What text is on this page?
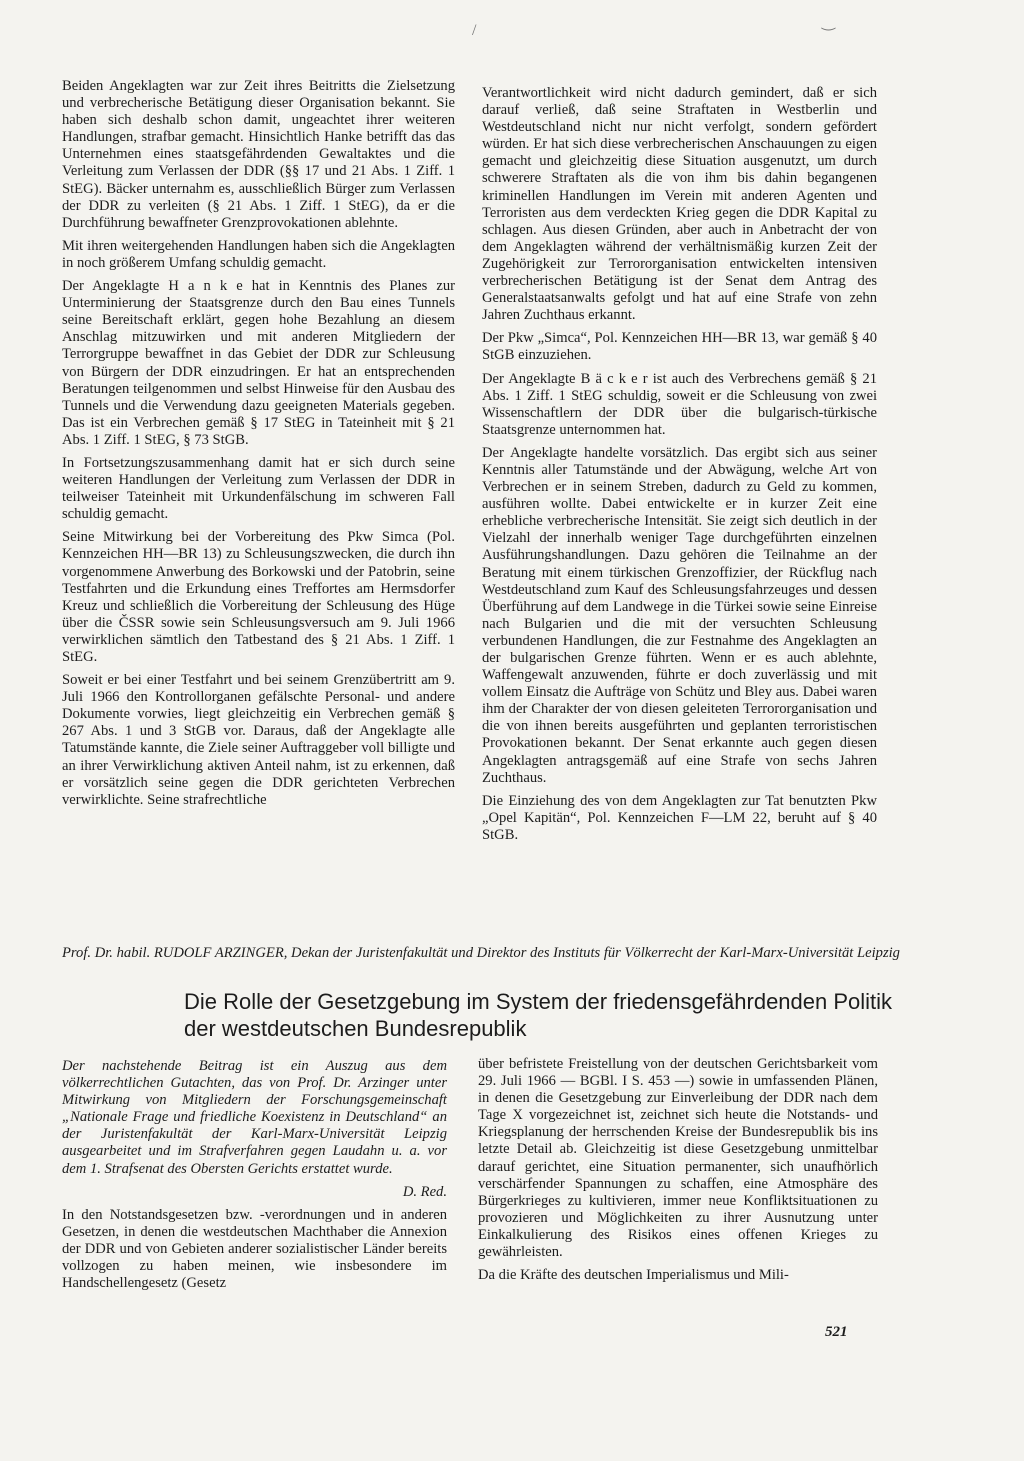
/	‿

Beiden Angeklagten war zur Zeit ihres Beitritts die Zielsetzung und verbrecherische Betätigung dieser Organisation bekannt. Sie haben sich deshalb schon damit, ungeachtet ihrer weiteren Handlungen, strafbar gemacht. Hinsichtlich Hanke betrifft das das Unternehmen eines staatsgefährdenden Gewaltaktes und die Verleitung zum Verlassen der DDR (§§ 17 und 21 Abs. 1 Ziff. 1 StEG). Bäcker unternahm es, ausschließlich Bürger zum Verlassen der DDR zu verleiten (§ 21 Abs. 1 Ziff. 1 StEG), da er die Durchführung bewaffneter Grenzprovokationen ablehnte.

Mit ihren weitergehenden Handlungen haben sich die Angeklagten in noch größerem Umfang schuldig gemacht.

Der Angeklagte H a n k e hat in Kenntnis des Planes zur Unterminierung der Staatsgrenze durch den Bau eines Tunnels seine Bereitschaft erklärt, gegen hohe Bezahlung an diesem Anschlag mitzuwirken und mit anderen Mitgliedern der Terrorgruppe bewaffnet in das Gebiet der DDR zur Schleusung von Bürgern der DDR einzudringen. Er hat an entsprechenden Beratungen teilgenommen und selbst Hinweise für den Ausbau des Tunnels und die Verwendung dazu geeigneten Materials gegeben. Das ist ein Verbrechen gemäß § 17 StEG in Tateinheit mit § 21 Abs. 1 Ziff. 1 StEG, § 73 StGB.

In Fortsetzungszusammenhang damit hat er sich durch seine weiteren Handlungen der Verleitung zum Verlassen der DDR in teilweiser Tateinheit mit Urkundenfälschung im schweren Fall schuldig gemacht.

Seine Mitwirkung bei der Vorbereitung des Pkw Simca (Pol. Kennzeichen HH—BR 13) zu Schleusungszwecken, die durch ihn vorgenommene Anwerbung des Borkowski und der Patobrin, seine Testfahrten und die Erkundung eines Treffortes am Hermsdorfer Kreuz und schließlich die Vorbereitung der Schleusung des Hüge über die ČSSR sowie sein Schleusungsversuch am 9. Juli 1966 verwirklichen sämtlich den Tatbestand des § 21 Abs. 1 Ziff. 1 StEG.

Soweit er bei einer Testfahrt und bei seinem Grenzübertritt am 9. Juli 1966 den Kontrollorganen gefälschte Personal- und andere Dokumente vorwies, liegt gleichzeitig ein Verbrechen gemäß § 267 Abs. 1 und 3 StGB vor. Daraus, daß der Angeklagte alle Tatumstände kannte, die Ziele seiner Auftraggeber voll billigte und an ihrer Verwirklichung aktiven Anteil nahm, ist zu erkennen, daß er vorsätzlich seine gegen die DDR gerichteten Verbrechen verwirklichte. Seine strafrechtliche

Verantwortlichkeit wird nicht dadurch gemindert, daß er sich darauf verließ, daß seine Straftaten in Westberlin und Westdeutschland nicht nur nicht verfolgt, sondern gefördert würden. Er hat sich diese verbrecherischen Anschauungen zu eigen gemacht und gleichzeitig diese Situation ausgenutzt, um durch schwerere Straftaten als die von ihm bis dahin begangenen kriminellen Handlungen im Verein mit anderen Agenten und Terroristen aus dem verdeckten Krieg gegen die DDR Kapital zu schlagen. Aus diesen Gründen, aber auch in Anbetracht der von dem Angeklagten während der verhältnismäßig kurzen Zeit der Zugehörigkeit zur Terrororganisation entwickelten intensiven verbrecherischen Betätigung ist der Senat dem Antrag des Generalstaatsanwalts gefolgt und hat auf eine Strafe von zehn Jahren Zuchthaus erkannt.

Der Pkw „Simca“, Pol. Kennzeichen HH—BR 13, war gemäß § 40 StGB einzuziehen.

Der Angeklagte B ä c k e r ist auch des Verbrechens gemäß § 21 Abs. 1 Ziff. 1 StEG schuldig, soweit er die Schleusung von zwei Wissenschaftlern der DDR über die bulgarisch-türkische Staatsgrenze unternommen hat.

Der Angeklagte handelte vorsätzlich. Das ergibt sich aus seiner Kenntnis aller Tatumstände und der Abwägung, welche Art von Verbrechen er in seinem Streben, dadurch zu Geld zu kommen, ausführen wollte. Dabei entwickelte er in kurzer Zeit eine erhebliche verbrecherische Intensität. Sie zeigt sich deutlich in der Vielzahl der innerhalb weniger Tage durchgeführten einzelnen Ausführungshandlungen. Dazu gehören die Teilnahme an der Beratung mit einem türkischen Grenzoffizier, der Rückflug nach Westdeutschland zum Kauf des Schleusungsfahrzeuges und dessen Überführung auf dem Landwege in die Türkei sowie seine Einreise nach Bulgarien und die mit der versuchten Schleusung verbundenen Handlungen, die zur Festnahme des Angeklagten an der bulgarischen Grenze führten. Wenn er es auch ablehnte, Waffengewalt anzuwenden, führte er doch zuverlässig und mit vollem Einsatz die Aufträge von Schütz und Bley aus. Dabei waren ihm der Charakter der von diesen geleiteten Terrororganisation und die von ihnen bereits ausgeführten und geplanten terroristischen Provokationen bekannt. Der Senat erkannte auch gegen diesen Angeklagten antragsgemäß auf eine Strafe von sechs Jahren Zuchthaus.

Die Einziehung des von dem Angeklagten zur Tat benutzten Pkw „Opel Kapitän“, Pol. Kennzeichen F—LM 22, beruht auf § 40 StGB.

Prof. Dr. habil. RUDOLF ARZINGER, Dekan der Juristenfakultät und Direktor des Instituts für Völkerrecht der Karl-Marx-Universität Leipzig
Die Rolle der Gesetzgebung im System der friedensgefährdenden Politik der westdeutschen Bundesrepublik

Der nachstehende Beitrag ist ein Auszug aus dem völkerrechtlichen Gutachten, das von Prof. Dr. Arzinger unter Mitwirkung von Mitgliedern der Forschungsgemeinschaft „Nationale Frage und friedliche Koexistenz in Deutschland“ an der Juristenfakultät der Karl-Marx-Universität Leipzig ausgearbeitet und im Strafverfahren gegen Laudahn u. a. vor dem 1. Strafsenat des Obersten Gerichts erstattet wurde.

D. Red.

In den Notstandsgesetzen bzw. -verordnungen und in anderen Gesetzen, in denen die westdeutschen Machthaber die Annexion der DDR und von Gebieten anderer sozialistischer Länder bereits vollzogen zu haben meinen, wie insbesondere im Handschellengesetz (Gesetz

über befristete Freistellung von der deutschen Gerichtsbarkeit vom 29. Juli 1966 — BGBl. I S. 453 —) sowie in umfassenden Plänen, in denen die Gesetzgebung zur Einverleibung der DDR nach dem Tage X vorgezeichnet ist, zeichnet sich heute die Notstands- und Kriegsplanung der herrschenden Kreise der Bundesrepublik bis ins letzte Detail ab. Gleichzeitig ist diese Gesetzgebung unmittelbar darauf gerichtet, eine Situation permanenter, sich unaufhörlich verschärfender Spannungen zu schaffen, eine Atmosphäre des Bürgerkrieges zu kultivieren, immer neue Konfliktsituationen zu provozieren und Möglichkeiten zu ihrer Ausnutzung unter Einkalkulierung des Risikos eines offenen Krieges zu gewährleisten.

Da die Kräfte des deutschen Imperialismus und Mili-

521
